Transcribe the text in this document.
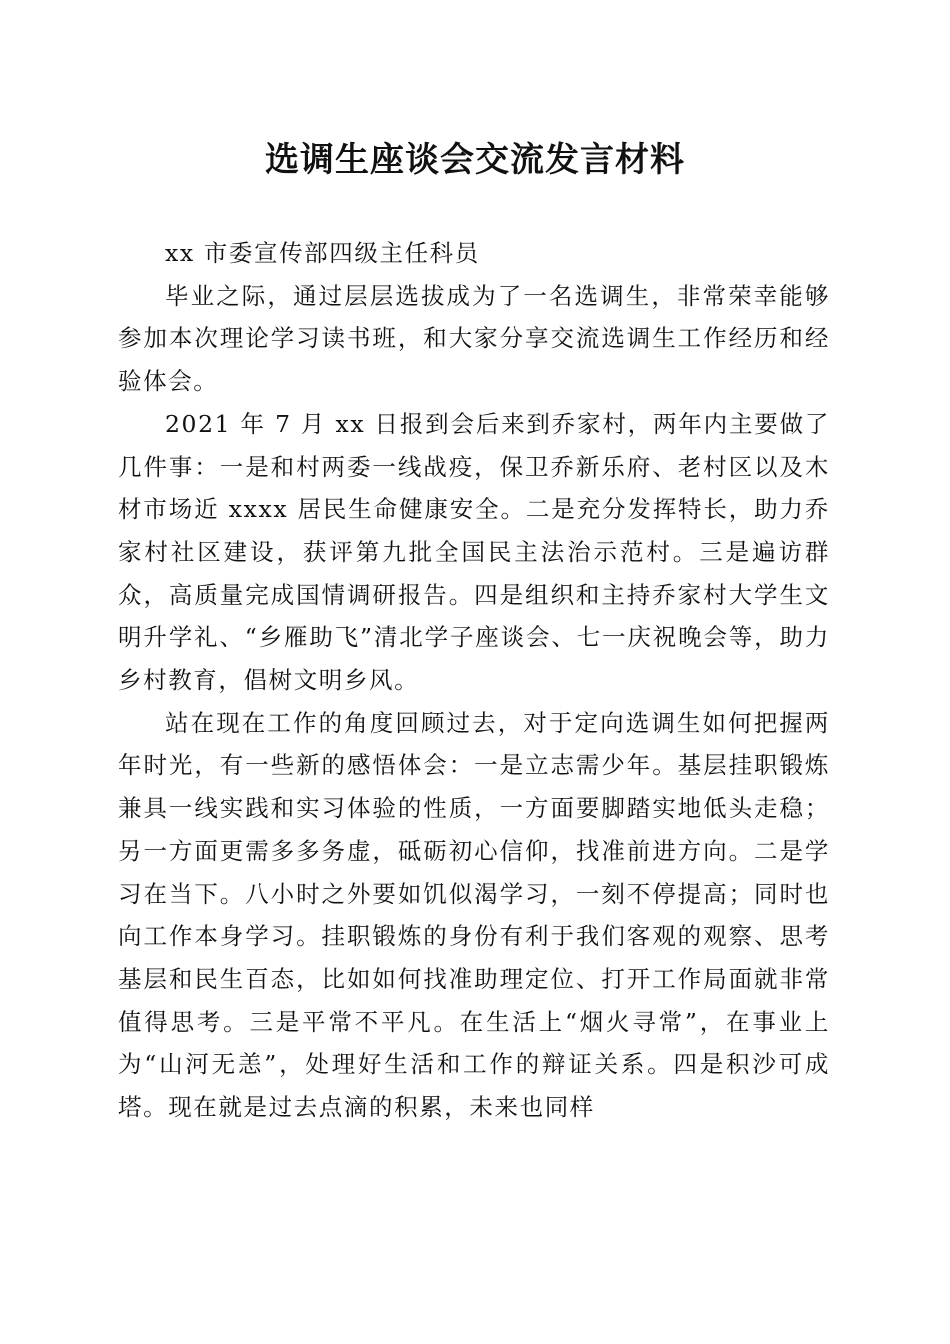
选调生座谈会交流发言材料

xx 市委宣传部四级主任科员

毕业之际，通过层层选拔成为了一名选调生，非常荣幸能够参加本次理论学习读书班，和大家分享交流选调生工作经历和经验体会。

2021 年 7 月 xx 日报到会后来到乔家村，两年内主要做了几件事：一是和村两委一线战疫，保卫乔新乐府、老村区以及木材市场近 xxxx 居民生命健康安全。二是充分发挥特长，助力乔家村社区建设，获评第九批全国民主法治示范村。三是遍访群众，高质量完成国情调研报告。四是组织和主持乔家村大学生文明升学礼、“乡雁助飞”清北学子座谈会、七一庆祝晚会等，助力乡村教育，倡树文明乡风。

站在现在工作的角度回顾过去，对于定向选调生如何把握两年时光，有一些新的感悟体会：一是立志需少年。基层挂职锻炼兼具一线实践和实习体验的性质，一方面要脚踏实地低头走稳；另一方面更需多多务虚，砥砺初心信仰，找准前进方向。二是学习在当下。八小时之外要如饥似渴学习，一刻不停提高；同时也向工作本身学习。挂职锻炼的身份有利于我们客观的观察、思考基层和民生百态，比如如何找准助理定位、打开工作局面就非常值得思考。三是平常不平凡。在生活上“烟火寻常”，在事业上为“山河无恙”，处理好生活和工作的辩证关系。四是积沙可成塔。现在就是过去点滴的积累，未来也同样
